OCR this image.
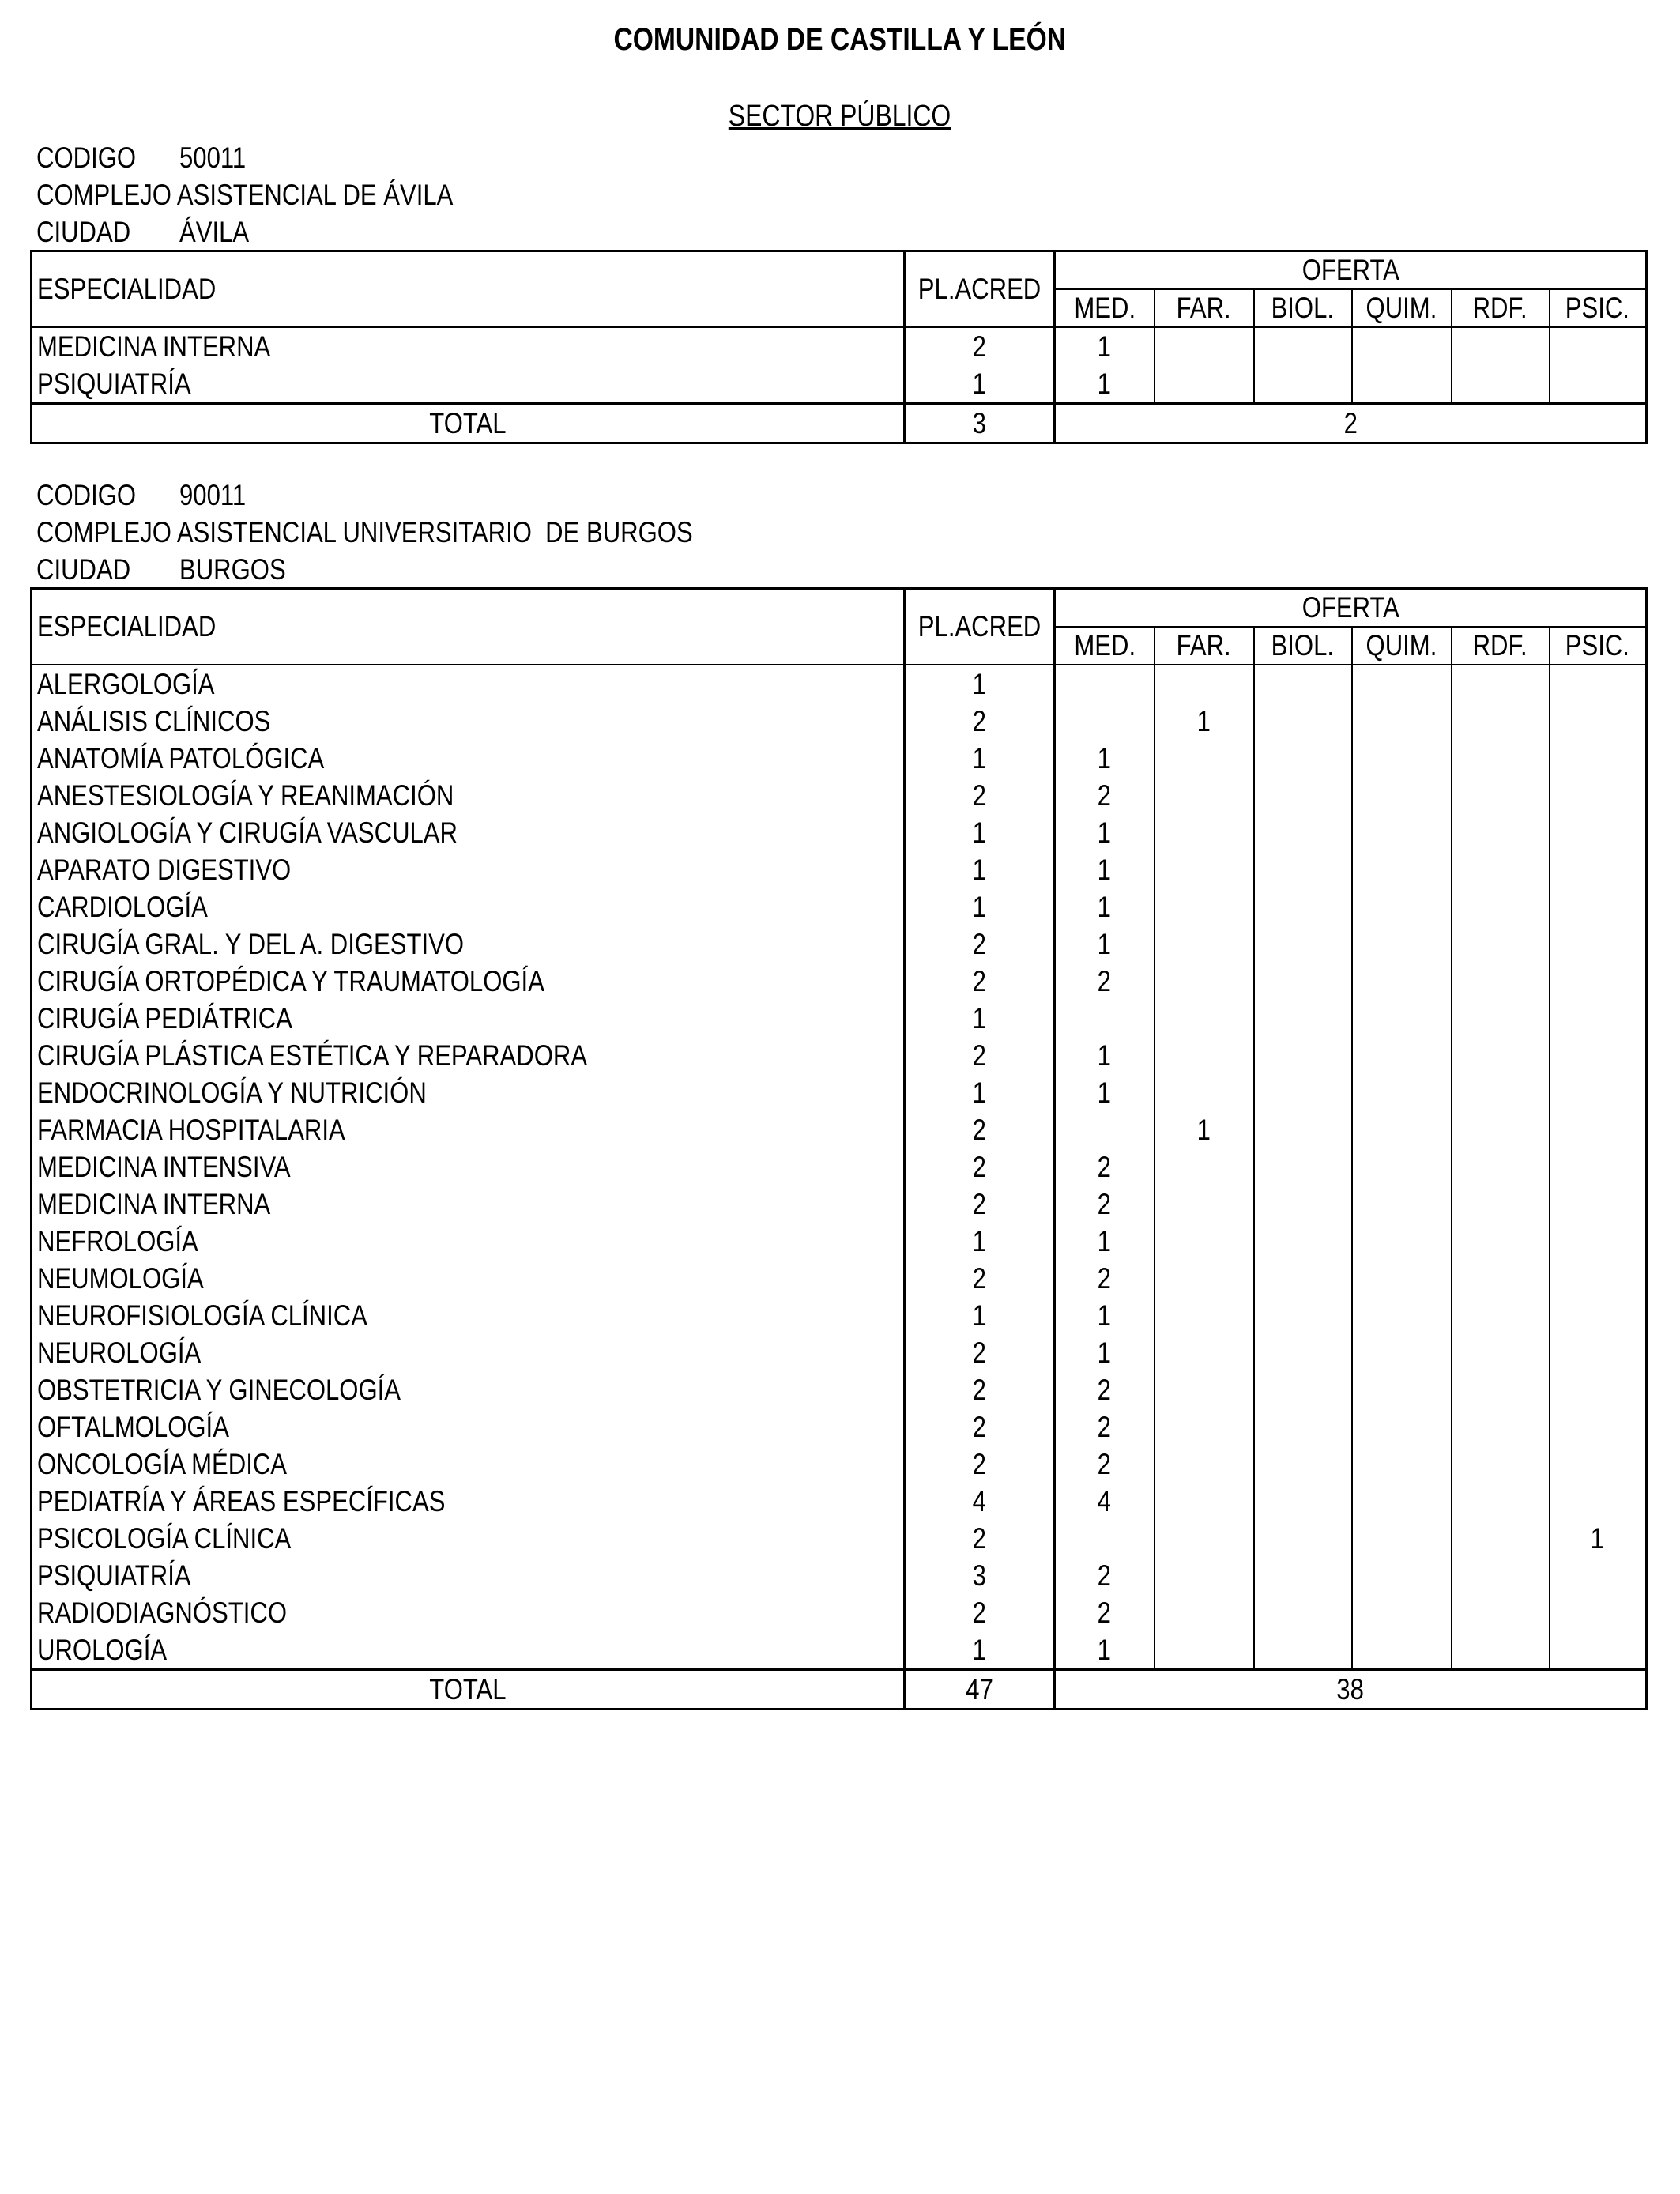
COMUNIDAD DE CASTILLA Y LEÓN
SECTOR PÚBLICO
CODIGO 50011
COMPLEJO ASISTENCIAL DE ÁVILA
CIUDAD ÁVILA
ESPECIALIDAD	PL.ACRED	OFERTA					
		MED.	FAR.	BIOL.	QUIM.	RDF.	PSIC.
MEDICINA INTERNA	2	1					
PSIQUIATRÍA	1	1					
TOTAL	3	2					
CODIGO 90011
COMPLEJO ASISTENCIAL UNIVERSITARIO  DE BURGOS
CIUDAD BURGOS
ESPECIALIDAD	PL.ACRED	OFERTA					
		MED.	FAR.	BIOL.	QUIM.	RDF.	PSIC.
ALERGOLOGÍA	1						
ANÁLISIS CLÍNICOS	2		1				
ANATOMÍA PATOLÓGICA	1	1					
ANESTESIOLOGÍA Y REANIMACIÓN	2	2					
ANGIOLOGÍA Y CIRUGÍA VASCULAR	1	1					
APARATO DIGESTIVO	1	1					
CARDIOLOGÍA	1	1					
CIRUGÍA GRAL. Y DEL A. DIGESTIVO	2	1					
CIRUGÍA ORTOPÉDICA Y TRAUMATOLOGÍA	2	2					
CIRUGÍA PEDIÁTRICA	1						
CIRUGÍA PLÁSTICA ESTÉTICA Y REPARADORA	2	1					
ENDOCRINOLOGÍA Y NUTRICIÓN	1	1					
FARMACIA HOSPITALARIA	2		1				
MEDICINA INTENSIVA	2	2					
MEDICINA INTERNA	2	2					
NEFROLOGÍA	1	1					
NEUMOLOGÍA	2	2					
NEUROFISIOLOGÍA CLÍNICA	1	1					
NEUROLOGÍA	2	1					
OBSTETRICIA Y GINECOLOGÍA	2	2					
OFTALMOLOGÍA	2	2					
ONCOLOGÍA MÉDICA	2	2					
PEDIATRÍA Y ÁREAS ESPECÍFICAS	4	4					
PSICOLOGÍA CLÍNICA	2						1
PSIQUIATRÍA	3	2					
RADIODIAGNÓSTICO	2	2					
UROLOGÍA	1	1					
TOTAL	47	38					
